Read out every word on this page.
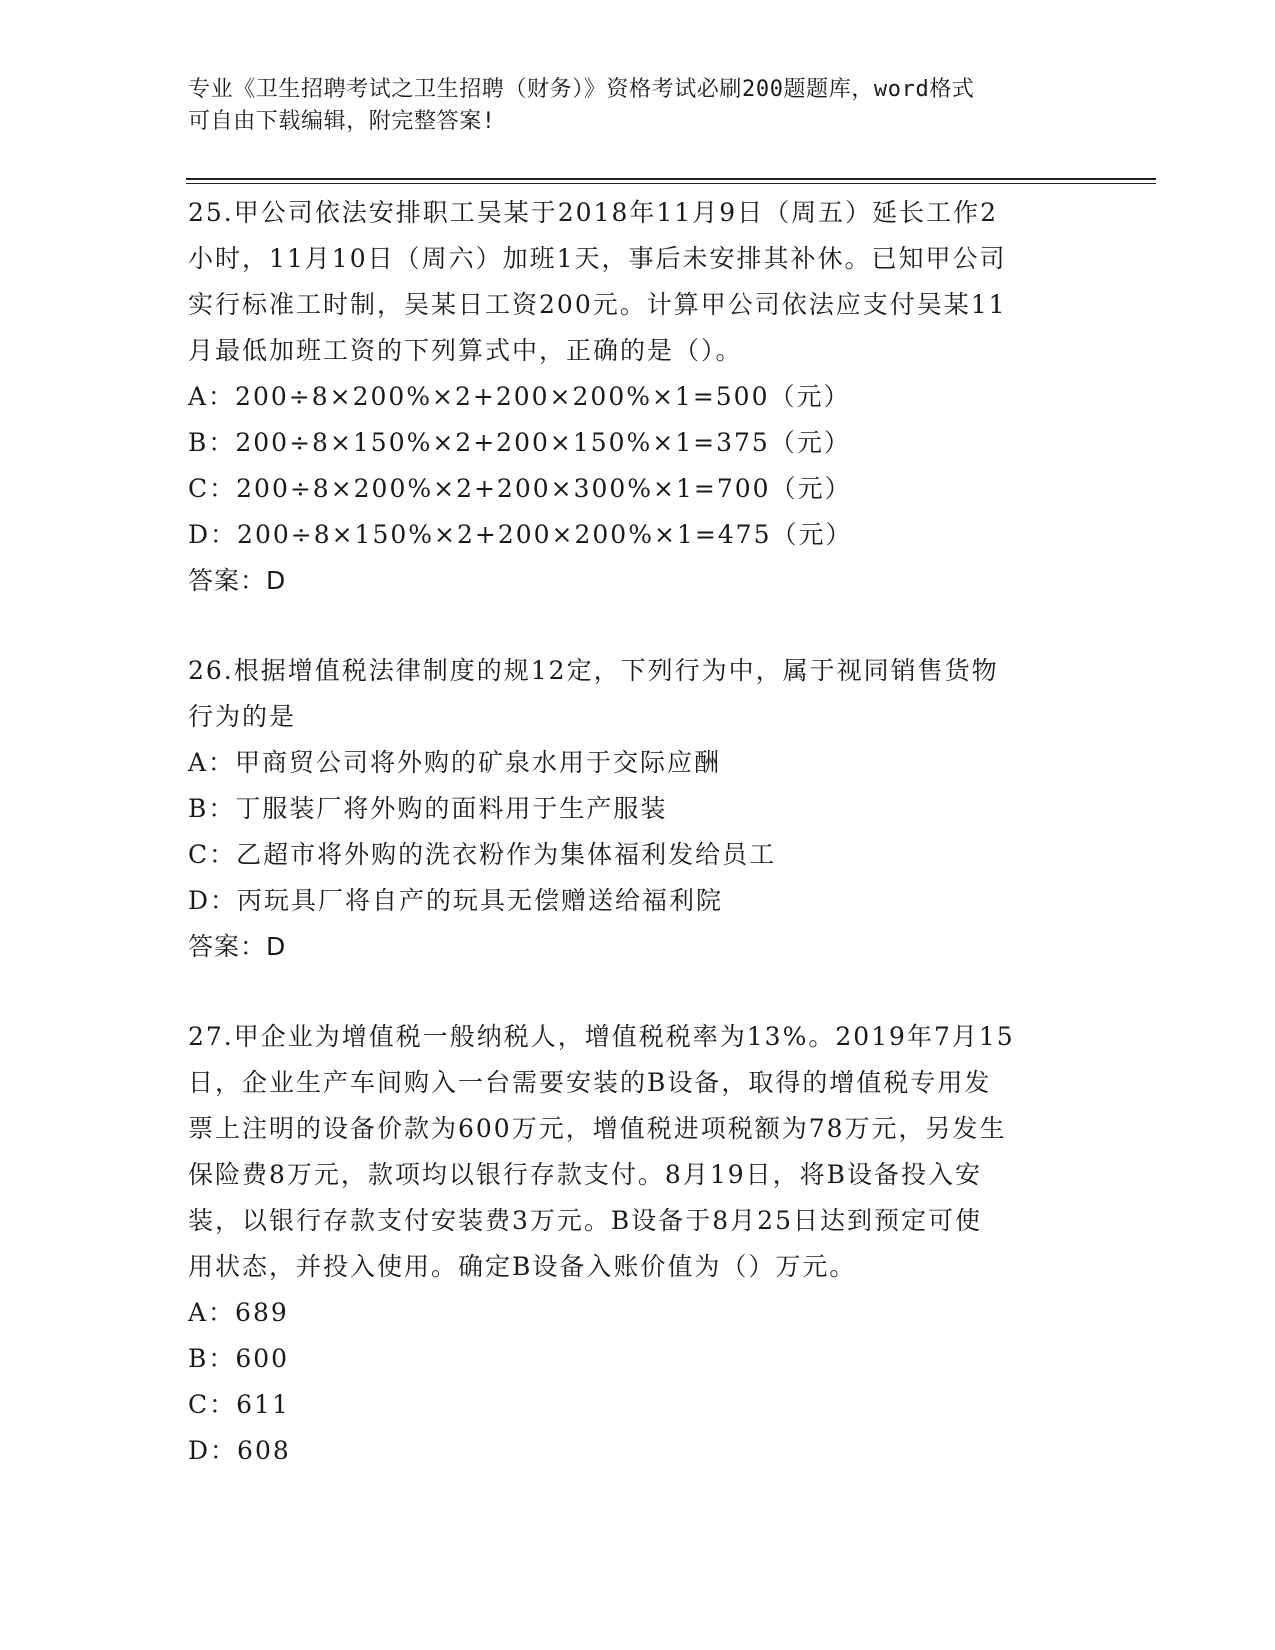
专业《卫生招聘考试之卫生招聘（财务）》资格考试必刷200题题库，word格式
可自由下载编辑，附完整答案!
25.甲公司依法安排职工吴某于2018年11月9日（周五）延长工作2
小时，11月10日（周六）加班1天，事后未安排其补休。已知甲公司
实行标准工时制，吴某日工资200元。计算甲公司依法应支付吴某11
月最低加班工资的下列算式中，正确的是（）。
A：200÷8×200%×2+200×200%×1=500（元）
B：200÷8×150%×2+200×150%×1=375（元）
C：200÷8×200%×2+200×300%×1=700（元）
D：200÷8×150%×2+200×200%×1=475（元）
答案：D
26.根据增值税法律制度的规12定，下列行为中，属于视同销售货物
行为的是
A：甲商贸公司将外购的矿泉水用于交际应酬
B：丁服装厂将外购的面料用于生产服装
C：乙超市将外购的洗衣粉作为集体福利发给员工
D：丙玩具厂将自产的玩具无偿赠送给福利院
答案：D
27.甲企业为增值税一般纳税人，增值税税率为13%。2019年7月15
日，企业生产车间购入一台需要安装的B设备，取得的增值税专用发
票上注明的设备价款为600万元，增值税进项税额为78万元，另发生
保险费8万元，款项均以银行存款支付。8月19日，将B设备投入安
装，以银行存款支付安装费3万元。B设备于8月25日达到预定可使
用状态，并投入使用。确定B设备入账价值为（）万元。
A：689
B：600
C：611
D：608
